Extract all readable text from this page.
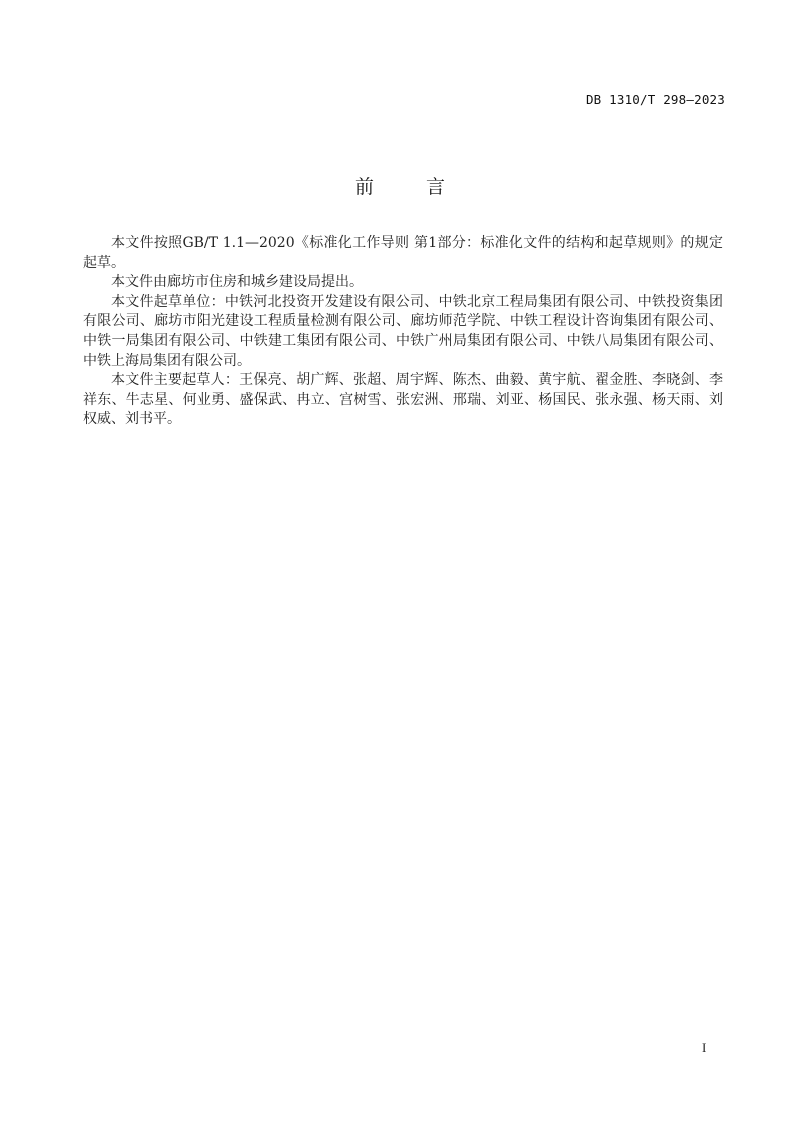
DB 1310/T 298—2023
前	言

本文件按照GB/T 1.1—2020《标准化工作导则 第1部分：标准化文件的结构和起草规则》的规定起草。

本文件由廊坊市住房和城乡建设局提出。

本文件起草单位：中铁河北投资开发建设有限公司、中铁北京工程局集团有限公司、中铁投资集团有限公司、廊坊市阳光建设工程质量检测有限公司、廊坊师范学院、中铁工程设计咨询集团有限公司、中铁一局集团有限公司、中铁建工集团有限公司、中铁广州局集团有限公司、中铁八局集团有限公司、中铁上海局集团有限公司。

本文件主要起草人：王保亮、胡广辉、张超、周宇辉、陈杰、曲毅、黄宇航、翟金胜、李晓剑、李祥东、牛志星、何业勇、盛保武、冉立、宫树雪、张宏洲、邢瑞、刘亚、杨国民、张永强、杨天雨、刘权威、刘书平。

I
